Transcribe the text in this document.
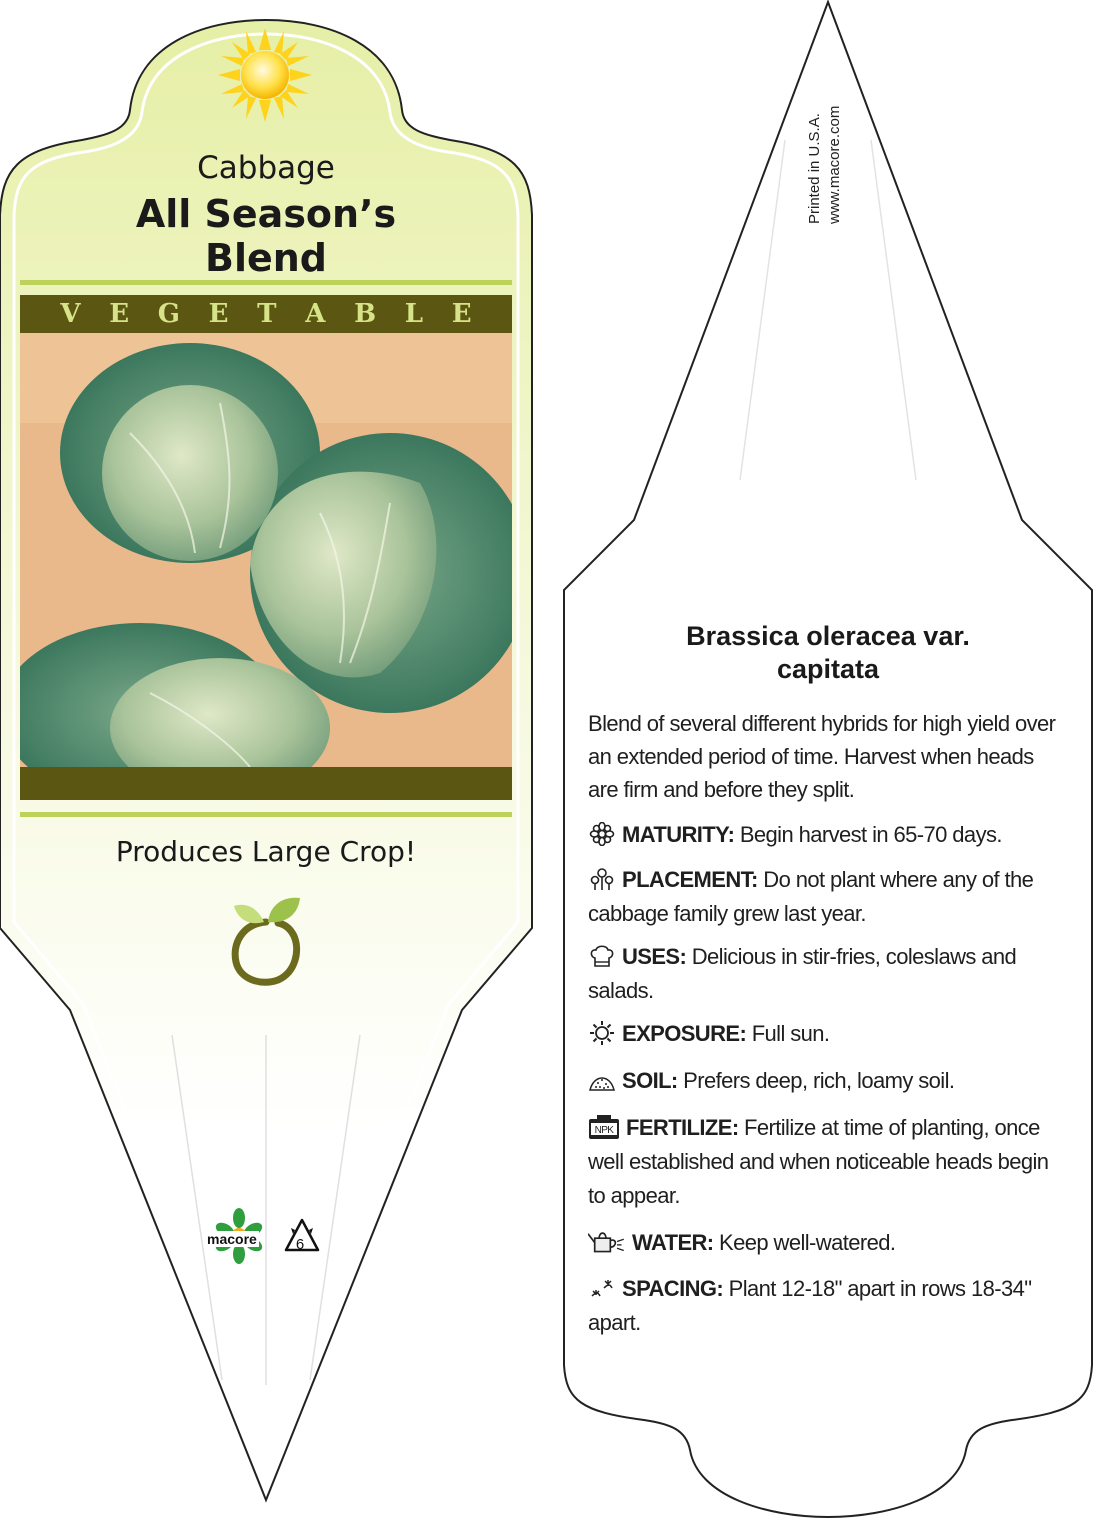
Cabbage
All Season’s Blend
V E G E T A B L E
Produces Large Crop!
macore	6
Printed in U.S.A. www.macore.com
Brassica oleracea var.
capitata
Blend of several different hybrids for high yield over an extended period of time. Harvest when heads are firm and before they split.
MATURITY: Begin harvest in 65-70 days.
PLACEMENT: Do not plant where any of the cabbage family grew last year.
USES: Delicious in stir-fries, coleslaws and salads.
EXPOSURE: Full sun.
SOIL: Prefers deep, rich, loamy soil.
NPK FERTILIZE: Fertilize at time of planting, once well established and when noticeable heads begin to appear.
WATER: Keep well-watered.
SPACING: Plant 12-18" apart in rows 18-34" apart.
